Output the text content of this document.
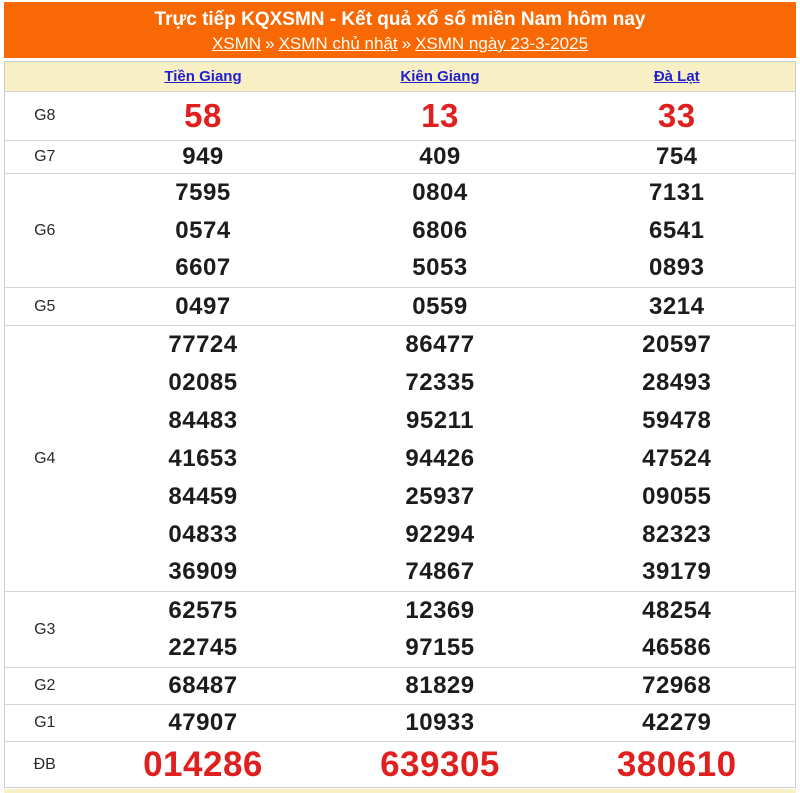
Trực tiếp KQXSMN - Kết quả xổ số miền Nam hôm nay
XSMN » XSMN chủ nhật » XSMN ngày 23-3-2025
	Tiền Giang	Kiên Giang	Đà Lạt
G8	58	13	33
G7	949	409	754
G6	7595	0804	7131
	0574	6806	6541
	6607	5053	0893
G5	0497	0559	3214
G4	77724	86477	20597
	02085	72335	28493
	84483	95211	59478
	41653	94426	47524
	84459	25937	09055
	04833	92294	82323
	36909	74867	39179
G3	62575	12369	48254
	22745	97155	46586
G2	68487	81829	72968
G1	47907	10933	42279
ĐB	014286	639305	380610
